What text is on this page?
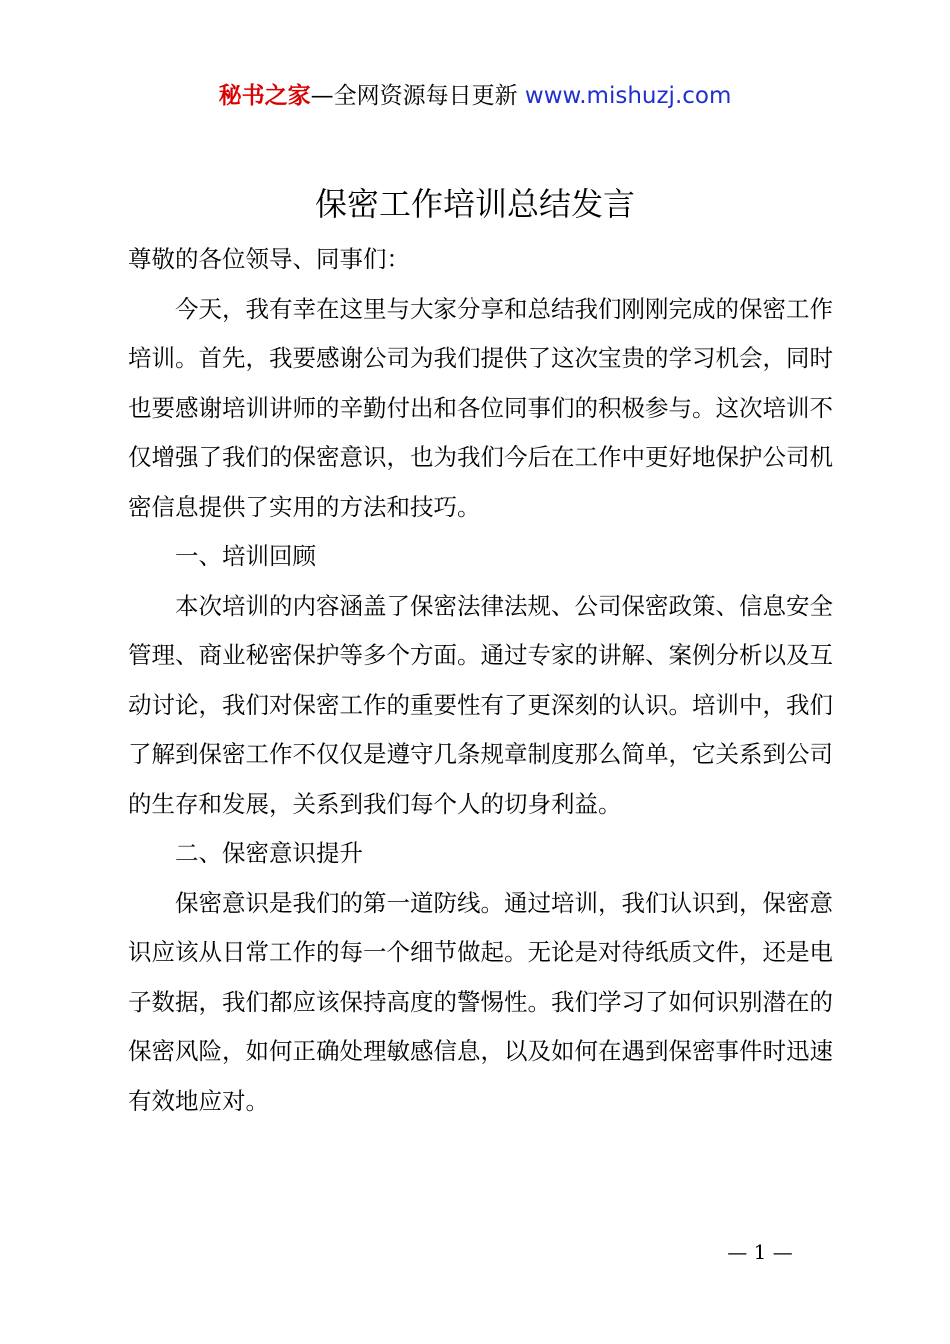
秘书之家—全网资源每日更新 www.mishuzj.com
保密工作培训总结发言

尊敬的各位领导、同事们：

今天，我有幸在这里与大家分享和总结我们刚刚完成的保密工作培训。首先，我要感谢公司为我们提供了这次宝贵的学习机会，同时也要感谢培训讲师的辛勤付出和各位同事们的积极参与。这次培训不仅增强了我们的保密意识，也为我们今后在工作中更好地保护公司机密信息提供了实用的方法和技巧。

一、培训回顾

本次培训的内容涵盖了保密法律法规、公司保密政策、信息安全管理、商业秘密保护等多个方面。通过专家的讲解、案例分析以及互动讨论，我们对保密工作的重要性有了更深刻的认识。培训中，我们了解到保密工作不仅仅是遵守几条规章制度那么简单，它关系到公司的生存和发展，关系到我们每个人的切身利益。

二、保密意识提升

保密意识是我们的第一道防线。通过培训，我们认识到，保密意识应该从日常工作的每一个细节做起。无论是对待纸质文件，还是电子数据，我们都应该保持高度的警惕性。我们学习了如何识别潜在的保密风险，如何正确处理敏感信息，以及如何在遇到保密事件时迅速有效地应对。

— 1 —
